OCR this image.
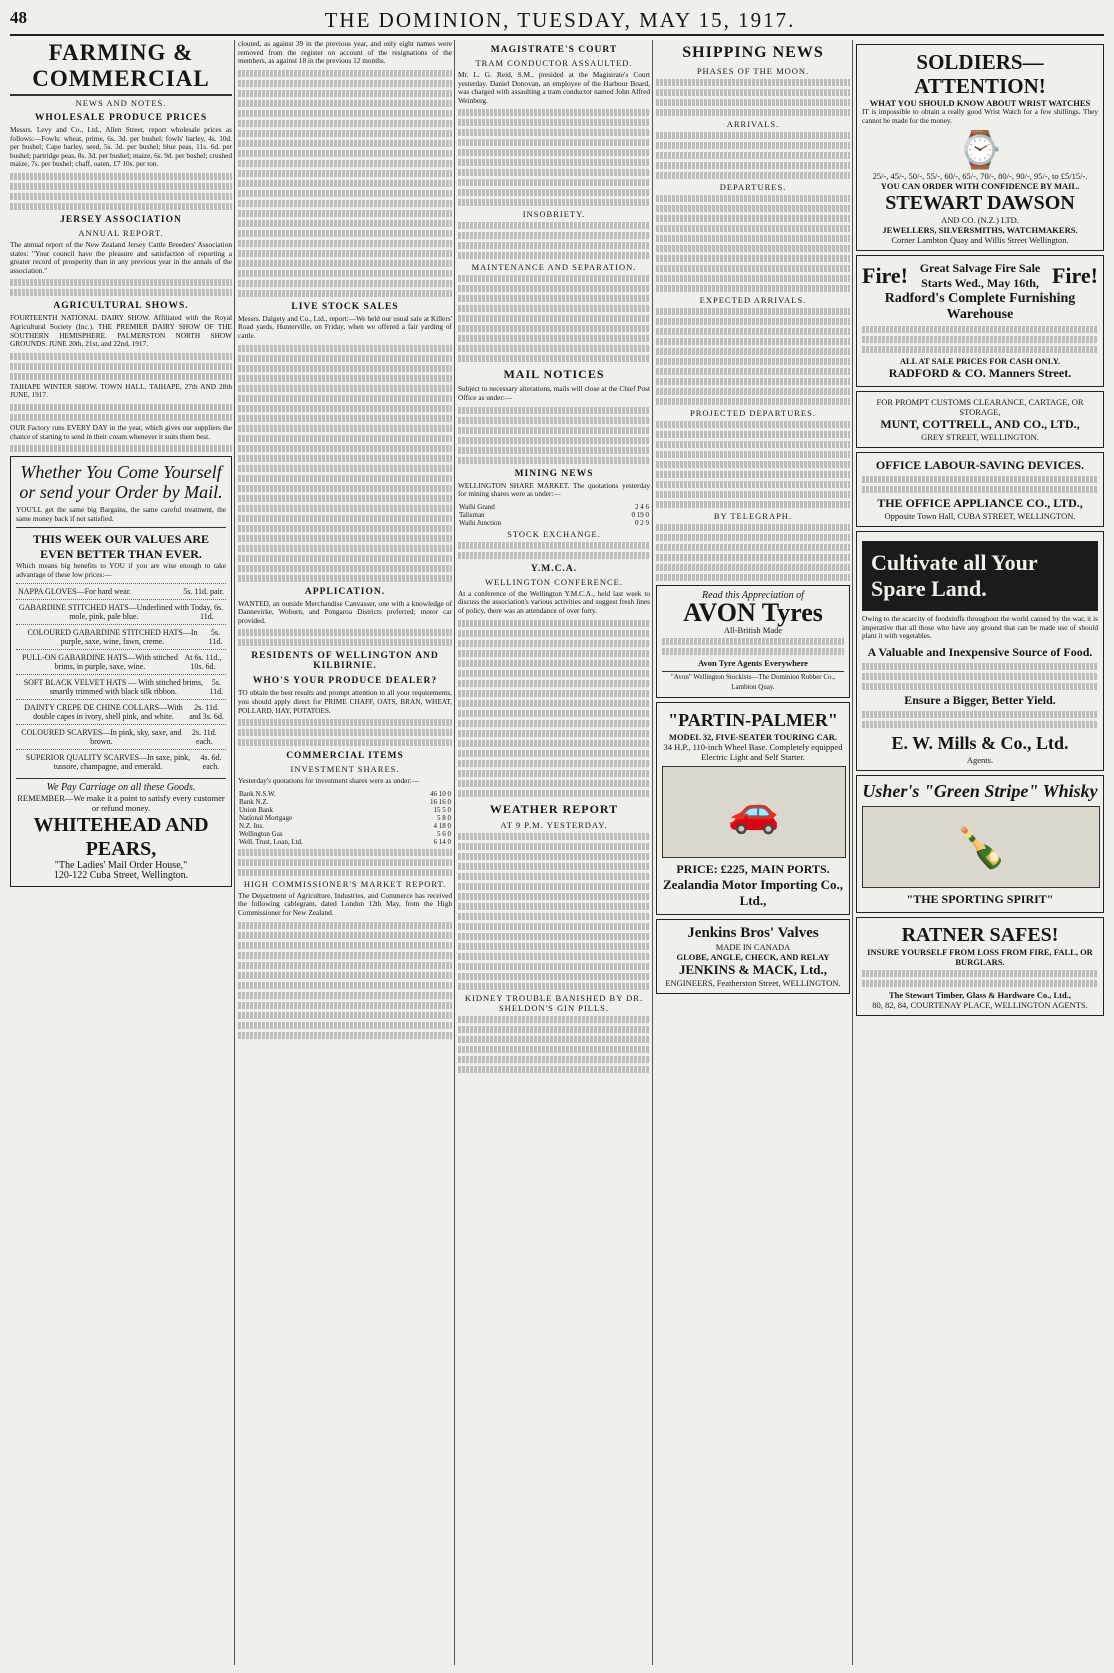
48	THE DOMINION, TUESDAY, MAY 15, 1917.
FARMING & COMMERCIAL
NEWS AND NOTES.
WHOLESALE PRODUCE PRICES

Messrs. Levy and Co., Ltd., Allen Street, report wholesale prices as follows:—Fowls: wheat, prime, 6s. 3d. per bushel; fowls' barley, 4s. 10d. per bushel; Cape barley, seed, 5s. 3d. per bushel; blue peas, 11s. 6d. per bushel; partridge peas, 8s. 3d. per bushel; maize, 6s. 9d. per bushel; crushed maize, 7s. per bushel; chaff, oaten, £7 10s. per ton.

JERSEY ASSOCIATION
ANNUAL REPORT.

The annual report of the New Zealand Jersey Cattle Breeders' Association states: "Your council have the pleasure and satisfaction of reporting a greater record of prosperity than in any previous year in the annals of the association."

AGRICULTURAL SHOWS.

FOURTEENTH NATIONAL DAIRY SHOW. Affiliated with the Royal Agricultural Society (Inc.). THE PREMIER DAIRY SHOW OF THE SOUTHERN HEMISPHERE. PALMERSTON NORTH SHOW GROUNDS. JUNE 20th, 21st, and 22nd, 1917.

TAIHAPE WINTER SHOW. TOWN HALL. TAIHAPE, 27th AND 28th JUNE, 1917.

OUR Factory runs EVERY DAY in the year, which gives our suppliers the chance of starting to send in their cream whenever it suits them best.

Whether You Come Yourself or send your Order by Mail.

YOU'LL get the same big Bargains, the same careful treatment, the same money back if not satisfied.

THIS WEEK OUR VALUES ARE EVEN BETTER THAN EVER.

Which means big benefits to YOU if you are wise enough to take advantage of these low prices:—

NAPPA GLOVES—For hard wear.	5s. 11d. pair.
GABARDINE STITCHED HATS—Underlined with mole, pink, pale blue.
Today, 6s. 11d.
COLOURED GABARDINE STITCHED HATS—In purple, saxe, wine, fawn, creme.
5s. 11d.
PULL-ON GABARDINE HATS—With stitched brims, in purple, saxe, wine.
At 6s. 11d., 10s. 6d.
SOFT BLACK VELVET HATS — With stitched brims, smartly trimmed with black silk ribbon.
5s. 11d.
DAINTY CREPE DE CHINE COLLARS—With double capes in ivory, shell pink, and white.
2s. 11d. and 3s. 6d.
COLOURED SCARVES—In pink, sky, saxe, and brown.
2s. 11d. each.
SUPERIOR QUALITY SCARVES—In saxe, pink, tussore, champagne, and emerald.
4s. 6d. each.
We Pay Carriage on all these Goods.
REMEMBER—We make it a point to satisfy every customer or refund money.
WHITEHEAD AND PEARS,
"The Ladies' Mail Order House,"
120-122 Cuba Street, Wellington.

clouted, as against 39 in the previous year, and only eight names were removed from the register on account of the resignations of the members, as against 18 in the previous 12 months.

LIVE STOCK SALES

Messrs. Dalgety and Co., Ltd., report:—We held our usual sale at Killers' Road yards, Hunterville, on Friday, when we offered a fair yarding of cattle.

APPLICATION.

WANTED, an outside Merchandise Canvasser, one with a knowledge of Dannevirke, Woburn, and Pongaroa Districts preferred; motor car provided.

RESIDENTS OF WELLINGTON AND KILBIRNIE.
WHO'S YOUR PRODUCE DEALER?

TO obtain the best results and prompt attention to all your requirements, you should apply direct for PRIME CHAFF, OATS, BRAN, WHEAT, POLLARD, HAY, POTATOES.

COMMERCIAL ITEMS
INVESTMENT SHARES.

Yesterday's quotations for investment shares were as under:—

Bank N.S.W.	46 10 0
Bank N.Z.	16 16 0
Union Bank	15 5 0
National Mortgage	5 8 0
N.Z. Ins.	4 18 0
Wellington Gas	5 6 0
Well. Trust, Loan, Ltd.	6 14 0
HIGH COMMISSIONER'S MARKET REPORT.

The Department of Agriculture, Industries, and Commerce has received the following cablegram, dated London 12th May, from the High Commissioner for New Zealand.

MAGISTRATE'S COURT
TRAM CONDUCTOR ASSAULTED.

Mr. L. G. Reid, S.M., presided at the Magistrate's Court yesterday. Daniel Donovan, an employee of the Harbour Board, was charged with assaulting a tram conductor named John Alfred Weinberg.

INSOBRIETY.
MAINTENANCE AND SEPARATION.
MAIL NOTICES

Subject to necessary alterations, mails will close at the Chief Post Office as under:—

MINING NEWS

WELLINGTON SHARE MARKET. The quotations yesterday for mining shares were as under:—

Waihi Grand	2 4 6
Talisman	0 19 0
Waihi Junction	0 2 9
STOCK EXCHANGE.
Y.M.C.A.
WELLINGTON CONFERENCE.

At a conference of the Wellington Y.M.C.A., held last week to discuss the association's various activities and suggest fresh lines of policy, there was an attendance of over forty.

WEATHER REPORT
AT 9 P.M. YESTERDAY.
KIDNEY TROUBLE BANISHED BY DR. SHELDON'S GIN PILLS.
SHIPPING NEWS
PHASES OF THE MOON.
ARRIVALS.
DEPARTURES.
EXPECTED ARRIVALS.
PROJECTED DEPARTURES.
BY TELEGRAPH.
Read this Appreciation of
AVON Tyres
All-British Made
Avon Tyre Agents Everywhere
"Avon" Wellington Stockists—The Dominion Rubber Co., Lambton Quay.
"PARTIN-PALMER"
MODEL 32, FIVE-SEATER TOURING CAR.
34 H.P., 110-inch Wheel Base. Completely equipped Electric Light and Self Starter.
🚗
PRICE: £225, MAIN PORTS.
Zealandia Motor Importing Co., Ltd.,
Jenkins Bros' Valves
MADE IN CANADA
GLOBE, ANGLE, CHECK, AND RELAY
JENKINS & MACK, Ltd.,
ENGINEERS, Featherston Street, WELLINGTON.
SOLDIERS—ATTENTION!
WHAT YOU SHOULD KNOW ABOUT WRIST WATCHES

IT is impossible to obtain a really good Wrist Watch for a few shillings. They cannot be made for the money.

⌚
25/-, 45/-, 50/-, 55/-, 60/-, 65/-, 70/-, 80/-, 90/-, 95/-, to £5/15/-.
YOU CAN ORDER WITH CONFIDENCE BY MAIL.
STEWART DAWSON
AND CO. (N.Z.) LTD.
JEWELLERS, SILVERSMITHS, WATCHMAKERS.
Corner Lambton Quay and Willis Street Wellington.
Fire! Great Salvage Fire Sale
Starts Wed., May 16th, Fire!
Radford's Complete Furnishing Warehouse
ALL AT SALE PRICES FOR CASH ONLY.
RADFORD & CO. Manners Street.
FOR PROMPT CUSTOMS CLEARANCE, CARTAGE, OR STORAGE,
MUNT, COTTRELL, AND CO., LTD.,
GREY STREET, WELLINGTON.
OFFICE LABOUR-SAVING DEVICES.
THE OFFICE APPLIANCE CO., LTD.,
Opposite Town Hall, CUBA STREET, WELLINGTON.
Cultivate all Your Spare Land.

Owing to the scarcity of foodstuffs throughout the world caused by the war, it is imperative that all those who have any ground that can be made use of should plant it with vegetables.

A Valuable and Inexpensive Source of Food.
Ensure a Bigger, Better Yield.
E. W. Mills & Co., Ltd.
Agents.
Usher's "Green Stripe" Whisky
🍾
"THE SPORTING SPIRIT"
RATNER SAFES!
INSURE YOURSELF FROM LOSS FROM FIRE, FALL, OR BURGLARS.
The Stewart Timber, Glass & Hardware Co., Ltd.,
80, 82, 84, COURTENAY PLACE, WELLINGTON AGENTS.
